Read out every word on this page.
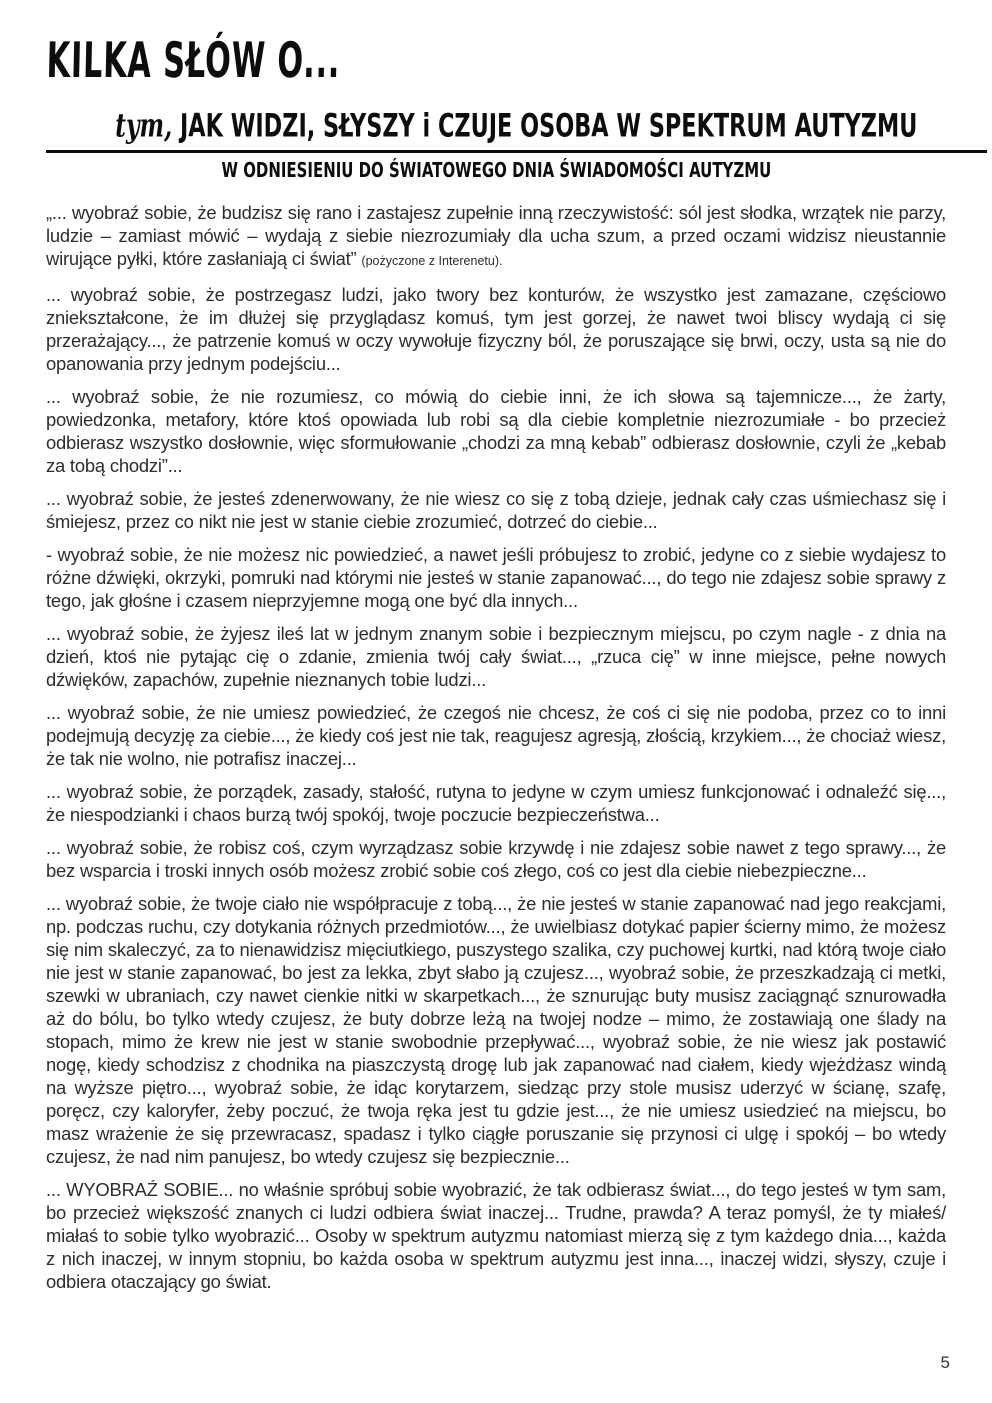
KILKA SŁÓW O...
tym, JAK WIDZI, SŁYSZY i CZUJE OSOBA W SPEKTRUM AUTYZMU
W ODNIESIENIU DO ŚWIATOWEGO DNIA ŚWIADOMOŚCI AUTYZMU

„... wyobraź sobie, że budzisz się rano i zastajesz zupełnie inną rzeczywistość: sól jest słodka, wrzątek nie parzy, ludzie – zamiast mówić – wydają z siebie niezrozumiały dla ucha szum, a przed oczami widzisz nieustannie wirujące pyłki, które zasłaniają ci świat” (pożyczone z Interenetu).

... wyobraź sobie, że postrzegasz ludzi, jako twory bez konturów, że wszystko jest zamazane, częściowo zniekształcone, że im dłużej się przyglądasz komuś, tym jest gorzej, że nawet twoi bliscy wydają ci się przerażający..., że patrzenie komuś w oczy wywołuje fizyczny ból, że poruszające się brwi, oczy, usta są nie do opanowania przy jednym podejściu...

... wyobraź sobie, że nie rozumiesz, co mówią do ciebie inni, że ich słowa są tajemnicze..., że żarty, powiedzonka, metafory, które ktoś opowiada lub robi są dla ciebie kompletnie niezrozumiałe - bo przecież odbierasz wszystko dosłownie, więc sformułowanie „chodzi za mną kebab” odbierasz dosłownie, czyli że „kebab za tobą chodzi”...

... wyobraź sobie, że jesteś zdenerwowany, że nie wiesz co się z tobą dzieje, jednak cały czas uśmiechasz się i śmiejesz, przez co nikt nie jest w stanie ciebie zrozumieć, dotrzeć do ciebie...

- wyobraź sobie, że nie możesz nic powiedzieć, a nawet jeśli próbujesz to zrobić, jedyne co z siebie wydajesz to różne dźwięki, okrzyki, pomruki nad którymi nie jesteś w stanie zapanować..., do tego nie zdajesz sobie sprawy z tego, jak głośne i czasem nieprzyjemne mogą one być dla innych...

... wyobraź sobie, że żyjesz ileś lat w jednym znanym sobie i bezpiecznym miejscu, po czym nagle - z dnia na dzień, ktoś nie pytając cię o zdanie, zmienia twój cały świat..., „rzuca cię” w inne miejsce, pełne nowych dźwięków, zapachów, zupełnie nieznanych tobie ludzi...

... wyobraź sobie, że nie umiesz powiedzieć, że czegoś nie chcesz, że coś ci się nie podoba, przez co to inni podejmują decyzję za ciebie..., że kiedy coś jest nie tak, reagujesz agresją, złością, krzykiem..., że chociaż wiesz, że tak nie wolno, nie potrafisz inaczej...

... wyobraź sobie, że porządek, zasady, stałość, rutyna to jedyne w czym umiesz funkcjonować i odnaleźć się..., że niespodzianki i chaos burzą twój spokój, twoje poczucie bezpieczeństwa...

... wyobraź sobie, że robisz coś, czym wyrządzasz sobie krzywdę i nie zdajesz sobie nawet z tego sprawy..., że bez wsparcia i troski innych osób możesz zrobić sobie coś złego, coś co jest dla ciebie niebezpieczne...

... wyobraź sobie, że twoje ciało nie współpracuje z tobą..., że nie jesteś w stanie zapanować nad jego reakcjami, np. podczas ruchu, czy dotykania różnych przedmiotów..., że uwielbiasz dotykać papier ścierny mimo, że możesz się nim skaleczyć, za to nienawidzisz mięciutkiego, puszystego szalika, czy puchowej kurtki, nad którą twoje ciało nie jest w stanie zapanować, bo jest za lekka, zbyt słabo ją czujesz..., wyobraź sobie, że przeszkadzają ci metki, szewki w ubraniach, czy nawet cienkie nitki w skarpetkach..., że sznurując buty musisz zaciągnąć sznurowadła aż do bólu, bo tylko wtedy czujesz, że buty dobrze leżą na twojej nodze – mimo, że zostawiają one ślady na stopach, mimo że krew nie jest w stanie swobodnie przepływać..., wyobraź sobie, że nie wiesz jak postawić nogę, kiedy schodzisz z chodnika na piaszczystą drogę lub jak zapanować nad ciałem, kiedy wjeżdżasz windą na wyższe piętro..., wyobraź sobie, że idąc korytarzem, siedząc przy stole musisz uderzyć w ścianę, szafę, poręcz, czy kaloryfer, żeby poczuć, że twoja ręka jest tu gdzie jest..., że nie umiesz usiedzieć na miejscu, bo masz wrażenie że się przewracasz, spadasz i tylko ciągłe poruszanie się przynosi ci ulgę i spokój – bo wtedy czujesz, że nad nim panujesz, bo wtedy czujesz się bezpiecznie...

... WYOBRAŹ SOBIE... no właśnie spróbuj sobie wyobrazić, że tak odbierasz świat..., do tego jesteś w tym sam, bo przecież większość znanych ci ludzi odbiera świat inaczej... Trudne, prawda? A teraz pomyśl, że ty miałeś/ miałaś to sobie tylko wyobrazić... Osoby w spektrum autyzmu natomiast mierzą się z tym każdego dnia..., każda z nich inaczej, w innym stopniu, bo każda osoba w spektrum autyzmu jest inna..., inaczej widzi, słyszy, czuje i odbiera otaczający go świat.

5
